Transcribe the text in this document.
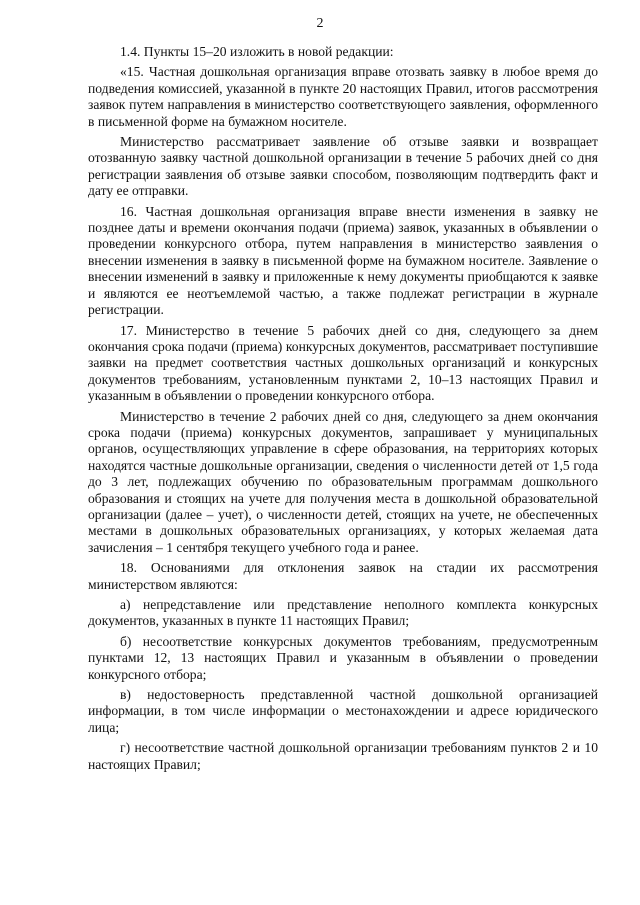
2

1.4. Пункты 15–20 изложить в новой редакции:

«15. Частная дошкольная организация вправе отозвать заявку в любое время до подведения комиссией, указанной в пункте 20 настоящих Правил, итогов рассмотрения заявок путем направления в министерство соответствующего заявления, оформленного в письменной форме на бумажном носителе.

Министерство рассматривает заявление об отзыве заявки и возвращает отозванную заявку частной дошкольной организации в течение 5 рабочих дней со дня регистрации заявления об отзыве заявки способом, позволяющим подтвердить факт и дату ее отправки.

16. Частная дошкольная организация вправе внести изменения в заявку не позднее даты и времени окончания подачи (приема) заявок, указанных в объявлении о проведении конкурсного отбора, путем направления в министерство заявления о внесении изменения в заявку в письменной форме на бумажном носителе. Заявление о внесении изменений в заявку и приложенные к нему документы приобщаются к заявке и являются ее неотъемлемой частью, а также подлежат регистрации в журнале регистрации.

17. Министерство в течение 5 рабочих дней со дня, следующего за днем окончания срока подачи (приема) конкурсных документов, рассматривает поступившие заявки на предмет соответствия частных дошкольных организаций и конкурсных документов требованиям, установленным пунктами 2, 10–13 настоящих Правил и указанным в объявлении о проведении конкурсного отбора.

Министерство в течение 2 рабочих дней со дня, следующего за днем окончания срока подачи (приема) конкурсных документов, запрашивает у муниципальных органов, осуществляющих управление в сфере образования, на территориях которых находятся частные дошкольные организации, сведения о численности детей от 1,5 года до 3 лет, подлежащих обучению по образовательным программам дошкольного образования и стоящих на учете для получения места в дошкольной образовательной организации (далее – учет), о численности детей, стоящих на учете, не обеспеченных местами в дошкольных образовательных организациях, у которых желаемая дата зачисления – 1 сентября текущего учебного года и ранее.

18. Основаниями для отклонения заявок на стадии их рассмотрения министерством являются:

а) непредставление или представление неполного комплекта конкурсных документов, указанных в пункте 11 настоящих Правил;

б) несоответствие конкурсных документов требованиям, предусмотренным пунктами 12, 13 настоящих Правил и указанным в объявлении о проведении конкурсного отбора;

в) недостоверность представленной частной дошкольной организацией информации, в том числе информации о местонахождении и адресе юридического лица;

г) несоответствие частной дошкольной организации требованиям пунктов 2 и 10 настоящих Правил;
